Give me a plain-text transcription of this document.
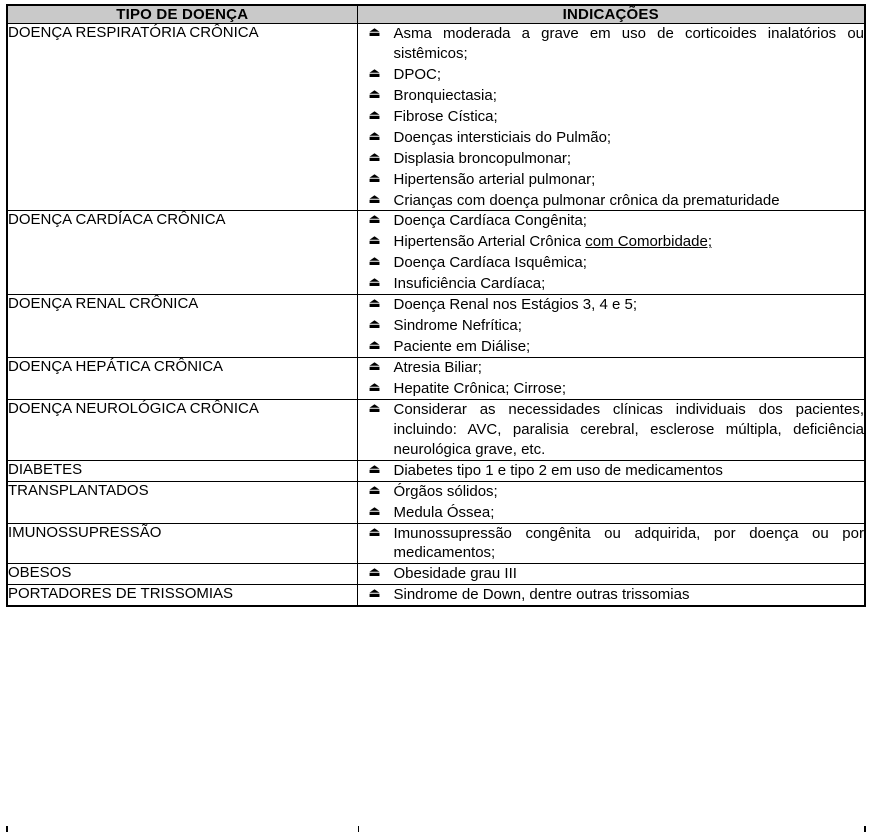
TIPO DE DOENÇA	INDICAÇÕES
DOENÇA RESPIRATÓRIA CRÔNICA	⏏ Asma moderada a grave em uso de corticoides inalatórios ou sistêmicos;
⏏ DPOC;
⏏ Bronquiectasia;
⏏ Fibrose Cística;
⏏ Doenças intersticiais do Pulmão;
⏏ Displasia broncopulmonar;
⏏ Hipertensão arterial pulmonar;
⏏ Crianças com doença pulmonar crônica da prematuridade

DOENÇA CARDÍACA CRÔNICA	⏏ Doença Cardíaca Congênita;
⏏ Hipertensão Arterial Crônica com Comorbidade;
⏏ Doença Cardíaca Isquêmica;
⏏ Insuficiência Cardíaca;

DOENÇA RENAL CRÔNICA	⏏ Doença Renal nos Estágios 3, 4 e 5;
⏏ Sindrome Nefrítica;
⏏ Paciente em Diálise;

DOENÇA HEPÁTICA CRÔNICA	⏏ Atresia Biliar;
⏏ Hepatite Crônica; Cirrose;

DOENÇA NEUROLÓGICA CRÔNICA	⏏ Considerar as necessidades clínicas individuais dos pacientes, incluindo: AVC, paralisia cerebral, esclerose múltipla, deficiência neurológica grave, etc.

DIABETES	⏏ Diabetes tipo 1 e tipo 2 em uso de medicamentos

TRANSPLANTADOS	⏏ Órgãos sólidos;
⏏ Medula Óssea;

IMUNOSSUPRESSÃO	⏏ Imunossupressão congênita ou adquirida, por doença ou por medicamentos;

OBESOS	⏏ Obesidade grau III

PORTADORES DE TRISSOMIAS	⏏ Sindrome de Down, dentre outras trissomias
